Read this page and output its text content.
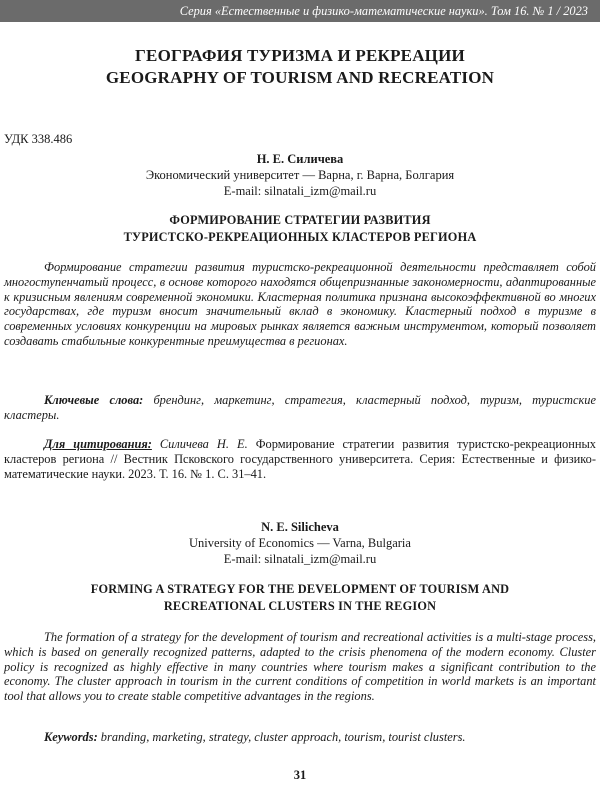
Серия «Естественные и физико-математические науки». Том 16. № 1 / 2023
ГЕОГРАФИЯ ТУРИЗМА И РЕКРЕАЦИИ
GEOGRAPHY OF TOURISM AND RECREATION
УДК 338.486
Н. Е. Силичева
Экономический университет — Варна, г. Варна, Болгария
E-mail: silnatali_izm@mail.ru
ФОРМИРОВАНИЕ СТРАТЕГИИ РАЗВИТИЯ
ТУРИСТСКО-РЕКРЕАЦИОННЫХ КЛАСТЕРОВ РЕГИОНА

Формирование стратегии развития туристско-рекреационной деятельности представляет собой многоступенчатый процесс, в основе которого находятся общепризнанные закономерности, адаптированные к кризисным явлениям современной экономики. Кластерная политика признана высокоэффективной во многих государствах, где туризм вносит значительный вклад в экономику. Кластерный подход в туризме в современных условиях конкуренции на мировых рынках является важным инструментом, который позволяет создавать стабильные конкурентные преимущества в регионах.

Ключевые слова: брендинг, маркетинг, стратегия, кластерный подход, туризм, туристские кластеры.

Для цитирования: Силичева Н. Е. Формирование стратегии развития туристско-рекреационных кластеров региона // Вестник Псковского государственного университета. Серия: Естественные и физико-математические науки. 2023. Т. 16. № 1. С. 31–41.

N. E. Silicheva
University of Economics — Varna, Bulgaria
E-mail: silnatali_izm@mail.ru
FORMING A STRATEGY FOR THE DEVELOPMENT OF TOURISM AND
RECREATIONAL CLUSTERS IN THE REGION

The formation of a strategy for the development of tourism and recreational activities is a multi-stage process, which is based on generally recognized patterns, adapted to the crisis phenomena of the modern economy. Cluster policy is recognized as highly effective in many countries where tourism makes a significant contribution to the economy. The cluster approach in tourism in the current conditions of competition in world markets is an important tool that allows you to create stable competitive advantages in the regions.

Keywords: branding, marketing, strategy, cluster approach, tourism, tourist clusters.

31
